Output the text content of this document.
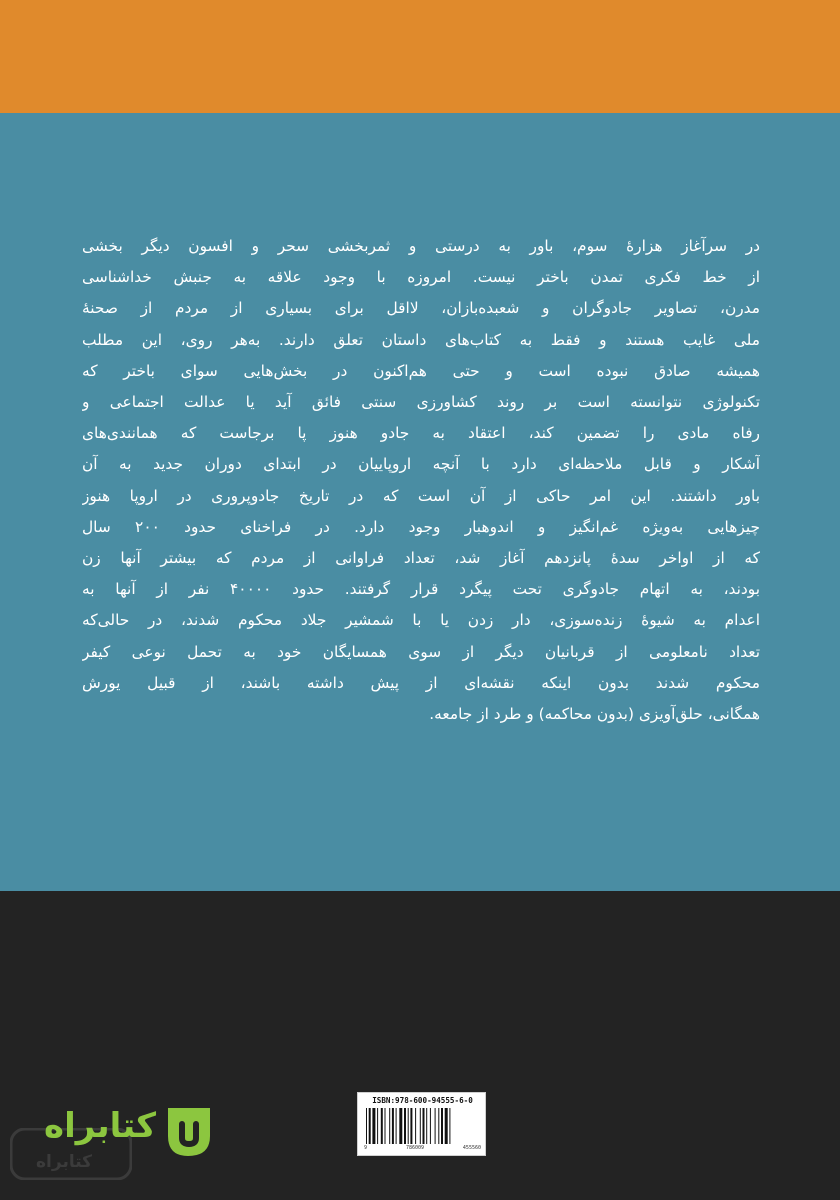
در سرآغاز هزارهٔ سوم، باور به درستی و ثمربخشی سحر و افسون دیگر بخشی
از خط فکری تمدن باختر نیست. امروزه با وجود علاقه به جنبش خداشناسی
مدرن، تصاویر جادوگران و شعبده‌بازان، لااقل برای بسیاری از مردم از صحنهٔ
ملی غایب هستند و فقط به کتاب‌های داستان تعلق دارند. به‌هر روی، این مطلب
همیشه صادق نبوده است و حتی هم‌اکنون در بخش‌هایی سوای باختر که
تکنولوژی نتوانسته است بر روند کشاورزی سنتی فائق آید یا عدالت اجتماعی و
رفاه مادی را تضمین کند، اعتقاد به جادو هنوز پا برجاست که همانندی‌های
آشکار و قابل ملاحظه‌ای دارد با آنچه اروپاییان در ابتدای دوران جدید به آن
باور داشتند. این امر حاکی از آن است که در تاریخ جادوپروری در اروپا هنوز
چیزهایی به‌ویژه غم‌انگیز و اندوهبار وجود دارد. در فراخنای حدود ۲۰۰ سال
که از اواخر سدهٔ پانزدهم آغاز شد، تعداد فراوانی از مردم که بیشتر آنها زن
بودند، به اتهام جادوگری تحت پیگرد قرار گرفتند. حدود ۴۰۰۰۰ نفر از آنها به
اعدام به شیوهٔ زنده‌سوزی، دار زدن یا با شمشیر جلاد محکوم شدند، در حالی‌که
تعداد نامعلومی از قربانیان دیگر از سوی همسایگان خود به تحمل نوعی کیفر
محکوم شدند بدون اینکه نقشه‌ای از پیش داشته باشند، از قبیل یورش
همگانی، حلق‌آویزی (بدون محاکمه) و طرد از جامعه.
ISBN:978-600-94555-6-0
9	786009	455560
کتابراه
کتابراه
